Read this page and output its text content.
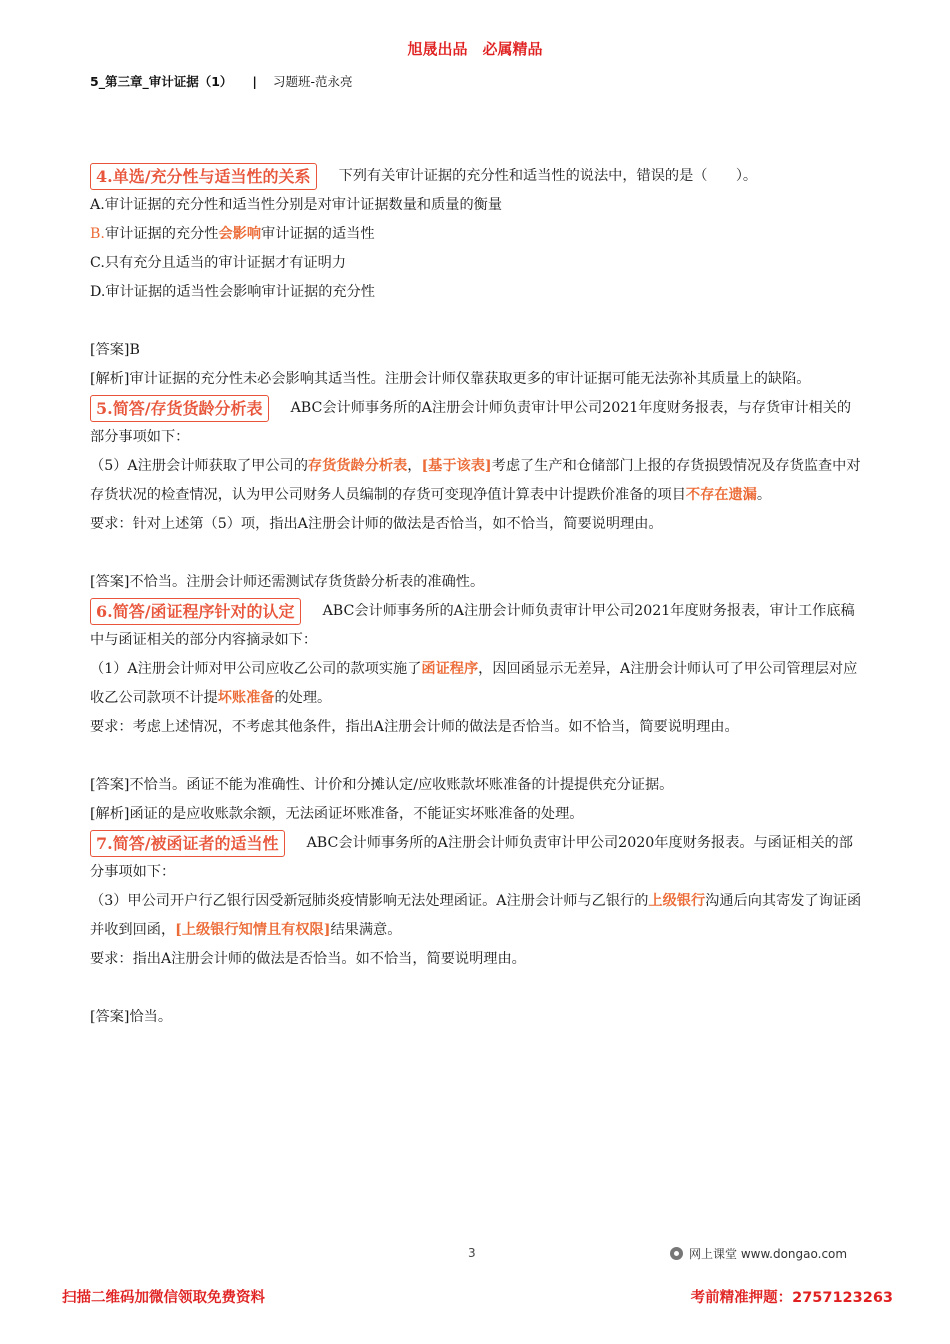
旭晟出品　必属精品
5_第三章_审计证据（1） | 习题班-范永亮
4.单选/充分性与适当性的关系 下列有关审计证据的充分性和适当性的说法中，错误的是（　　）。
A.审计证据的充分性和适当性分别是对审计证据数量和质量的衡量
B.审计证据的充分性会影响审计证据的适当性
C.只有充分且适当的审计证据才有证明力
D.审计证据的适当性会影响审计证据的充分性
[答案]B
[解析]审计证据的充分性未必会影响其适当性。注册会计师仅靠获取更多的审计证据可能无法弥补其质量上的缺陷。
5.简答/存货货龄分析表 ABC会计师事务所的A注册会计师负责审计甲公司2021年度财务报表，与存货审计相关的部分事项如下：
（5）A注册会计师获取了甲公司的存货货龄分析表，[基于该表]考虑了生产和仓储部门上报的存货损毁情况及存货监查中对存货状况的检查情况，认为甲公司财务人员编制的存货可变现净值计算表中计提跌价准备的项目不存在遗漏。
要求：针对上述第（5）项，指出A注册会计师的做法是否恰当，如不恰当，简要说明理由。
[答案]不恰当。注册会计师还需测试存货货龄分析表的准确性。
6.简答/函证程序针对的认定 ABC会计师事务所的A注册会计师负责审计甲公司2021年度财务报表，审计工作底稿中与函证相关的部分内容摘录如下：
（1）A注册会计师对甲公司应收乙公司的款项实施了函证程序，因回函显示无差异，A注册会计师认可了甲公司管理层对应收乙公司款项不计提坏账准备的处理。
要求：考虑上述情况，不考虑其他条件，指出A注册会计师的做法是否恰当。如不恰当，简要说明理由。
[答案]不恰当。函证不能为准确性、计价和分摊认定/应收账款坏账准备的计提提供充分证据。
[解析]函证的是应收账款余额，无法函证坏账准备，不能证实坏账准备的处理。
7.简答/被函证者的适当性 ABC会计师事务所的A注册会计师负责审计甲公司2020年度财务报表。与函证相关的部分事项如下：
（3）甲公司开户行乙银行因受新冠肺炎疫情影响无法处理函证。A注册会计师与乙银行的上级银行沟通后向其寄发了询证函并收到回函，[上级银行知情且有权限]结果满意。
要求：指出A注册会计师的做法是否恰当。如不恰当，简要说明理由。
[答案]恰当。
3	网上课堂 www.dongao.com
扫描二维码加微信领取免费资料	考前精准押题：2757123263
